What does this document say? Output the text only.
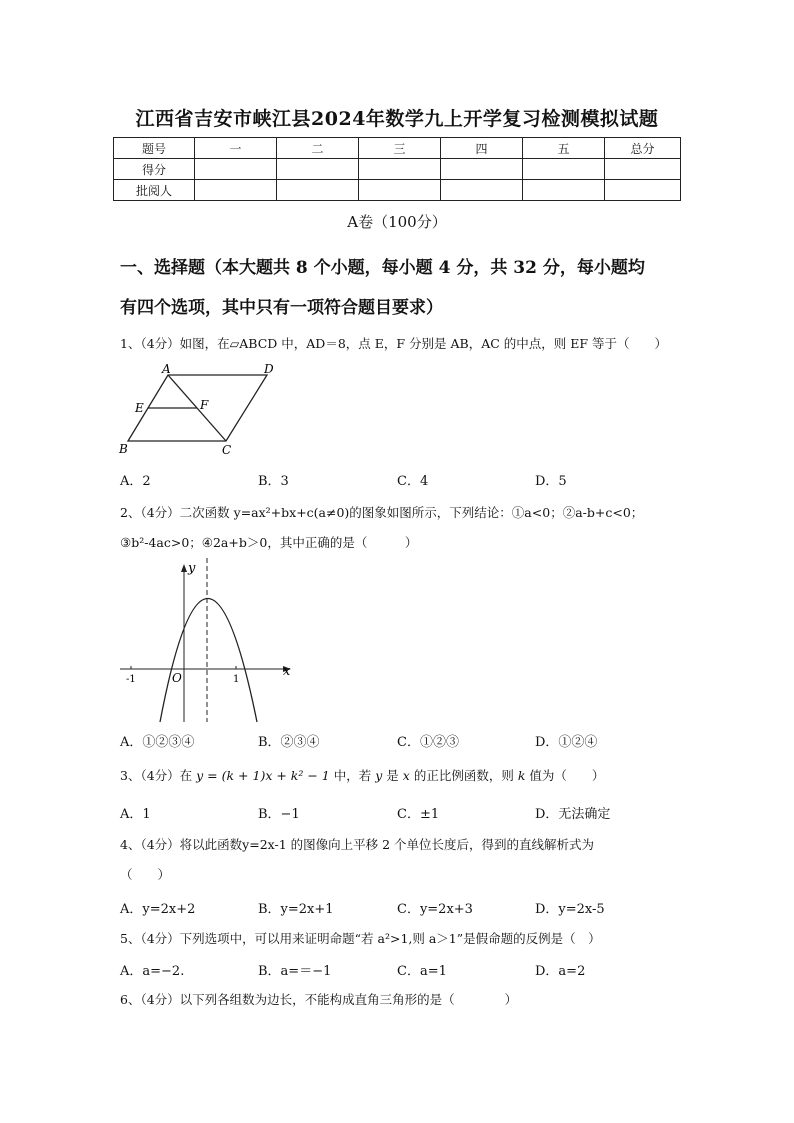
江西省吉安市峡江县2024年数学九上开学复习检测模拟试题
题号	一	二	三	四	五	总分
得分						
批阅人						
A卷（100分）
一、选择题（本大题共 8 个小题，每小题 4 分，共 32 分，每小题均
有四个选项，其中只有一项符合题目要求）
1、（4分）如图，在▱ABCD 中，AD＝8，点 E，F 分别是 AB，AC 的中点，则 EF 等于（　　）
A	D
E	F
B	C
A．2	B．3	C．4	D．5
2、（4分）二次函数 y=ax²+bx+c(a≠0)的图象如图所示，下列结论：①a<0；②a-b+c<0；
③b²-4ac>0；④2a+b＞0，其中正确的是（　　　）
x
y
O
-1	1
A．①②③④	B．②③④	C．①②③	D．①②④
3、（4分）在 y = (k + 1)x + k² − 1 中，若 y 是 x 的正比例函数，则 k 值为（　　）
A．1	B．−1	C．±1	D．无法确定
4、（4分）将以此函数y=2x-1 的图像向上平移 2 个单位长度后，得到的直线解析式为
（　　）
A．y=2x+2	B．y=2x+1	C．y=2x+3	D．y=2x-5
5、（4分）下列选项中，可以用来证明命题“若 a²>1,则 a＞1”是假命题的反例是（　）
A．a=−2.	B．a=＝−1	C．a=1	D．a=2
6、（4分）以下列各组数为边长，不能构成直角三角形的是（　　　　）
